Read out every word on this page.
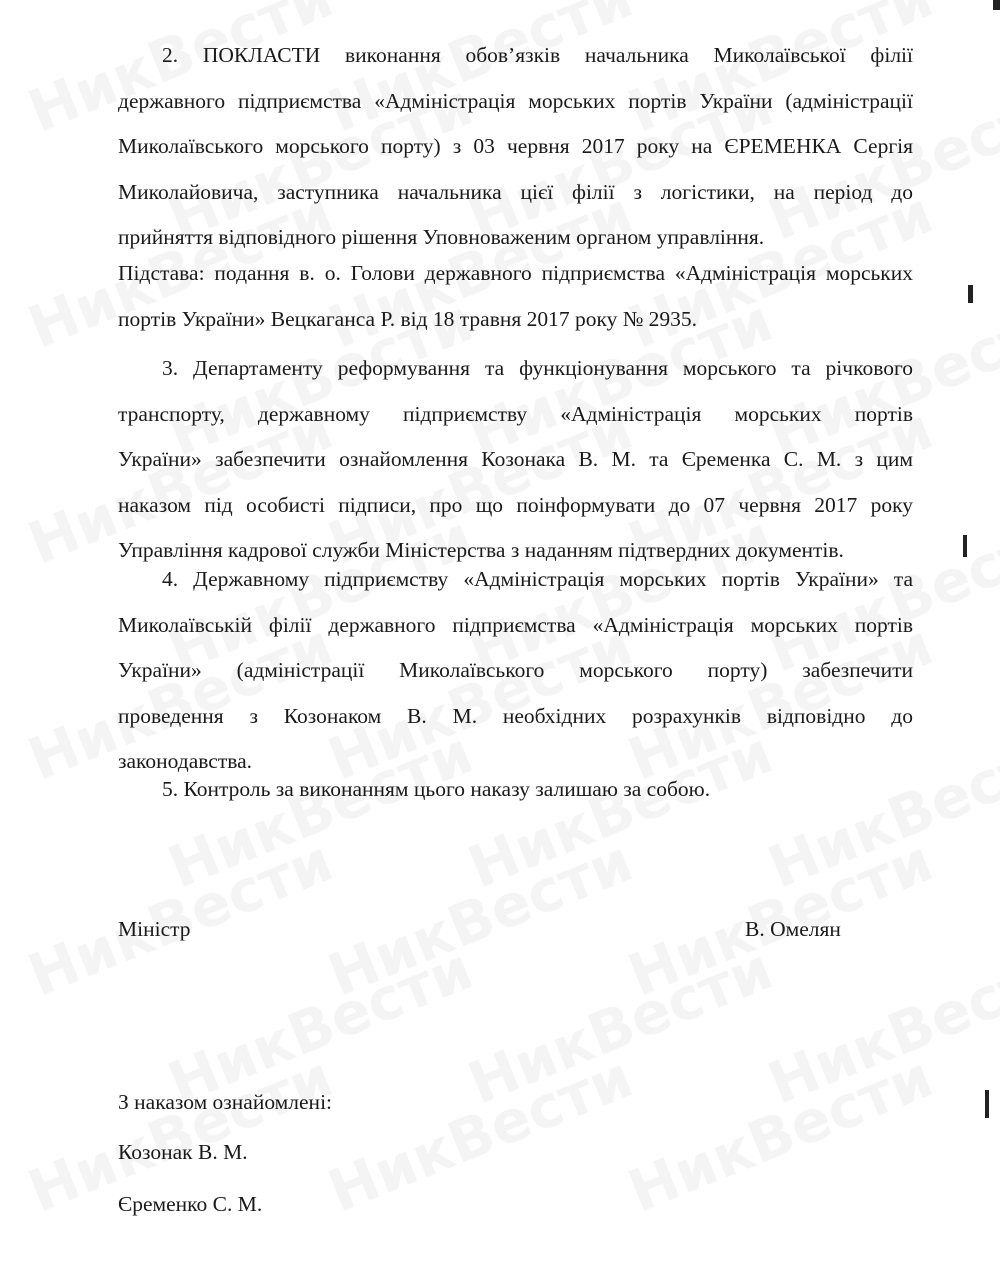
2. ПОКЛАСТИ виконання обов’язків начальника Миколаївської філії
державного підприємства «Адміністрація морських портів України (адміністрації
Миколаївського морського порту) з 03 червня 2017 року на ЄРЕМЕНКА Сергія
Миколайовича, заступника начальника цієї філії з логістики, на період до
прийняття відповідного рішення Уповноваженим органом управління.
Підстава: подання в. о. Голови державного підприємства «Адміністрація морських
портів України» Вецкаганса Р. від 18 травня 2017 року № 2935.
3. Департаменту реформування та функціонування морського та річкового
транспорту, державному підприємству «Адміністрація морських портів
України» забезпечити ознайомлення Козонака В. М. та Єременка С. М. з цим
наказом під особисті підписи, про що поінформувати до 07 червня 2017 року
Управління кадрової служби Міністерства з наданням підтвердних документів.
4. Державному підприємству «Адміністрація морських портів України» та
Миколаївській філії державного підприємства «Адміністрація морських портів
України» (адміністрації Миколаївського морського порту) забезпечити
проведення з Козонаком В. М. необхідних розрахунків відповідно до
законодавства.
5. Контроль за виконанням цього наказу залишаю за собою.
Міністр	В. Омелян
З наказом ознайомлені:
Козонак В. М.
Єременко С. М.
